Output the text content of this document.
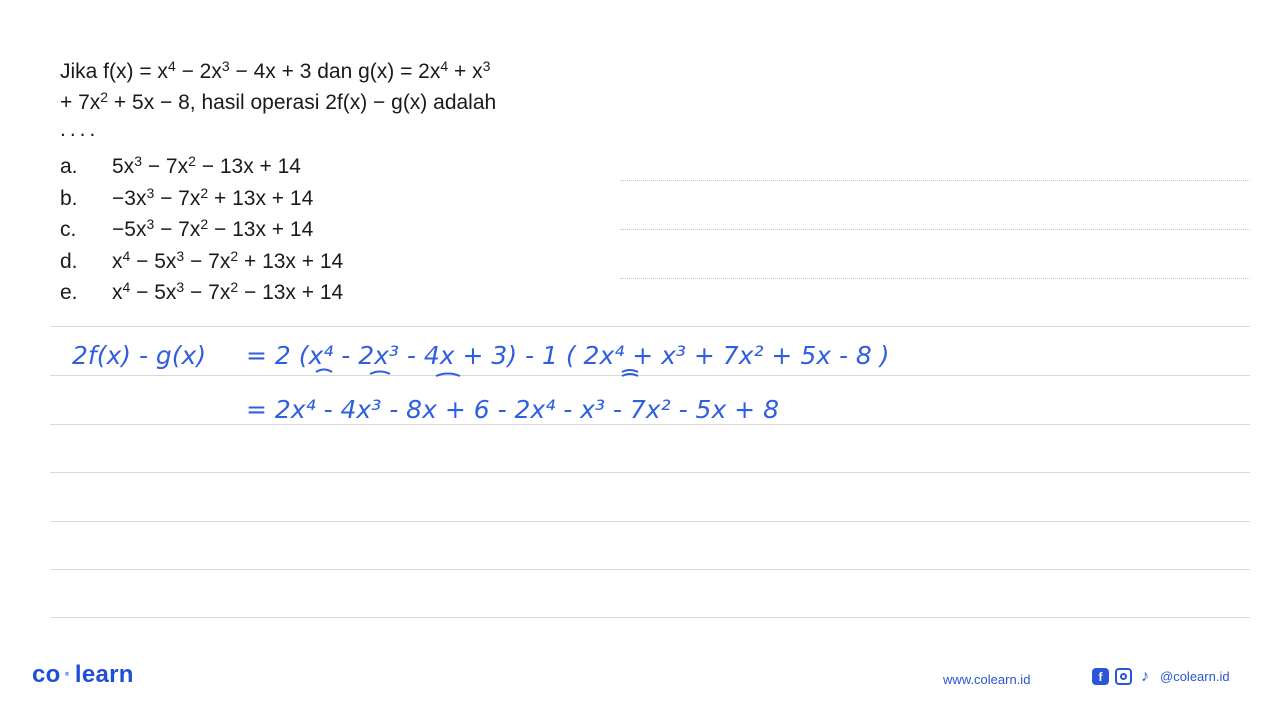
Jika $f(x) = x^4 - 2x^3 - 4x + 3$ dan $g(x) = 2x^4 + x^3$
+ $7x^2 + 5x - 8$, hasil operasi 2f(x) − g(x) adalah
....
a. $5x^3 - 7x^2 - 13x + 14$
b. $-3x^3 - 7x^2 + 13x + 14$
c. $-5x^3 - 7x^2 - 13x + 14$
d. $x^4 - 5x^3 - 7x^2 + 13x + 14$
e. $x^4 - 5x^3 - 7x^2 - 13x + 14$
2f(x) - g(x) = 2 (x⁴ - 2x³ - 4x + 3) - 1 ( 2x⁴ + x³ + 7x² + 5x - 8 )
= 2x⁴ - 4x³ - 8x + 6 - 2x⁴ - x³ - 7x² - 5x + 8
co · learn	www.colearn.id	f	♪ @colearn.id
